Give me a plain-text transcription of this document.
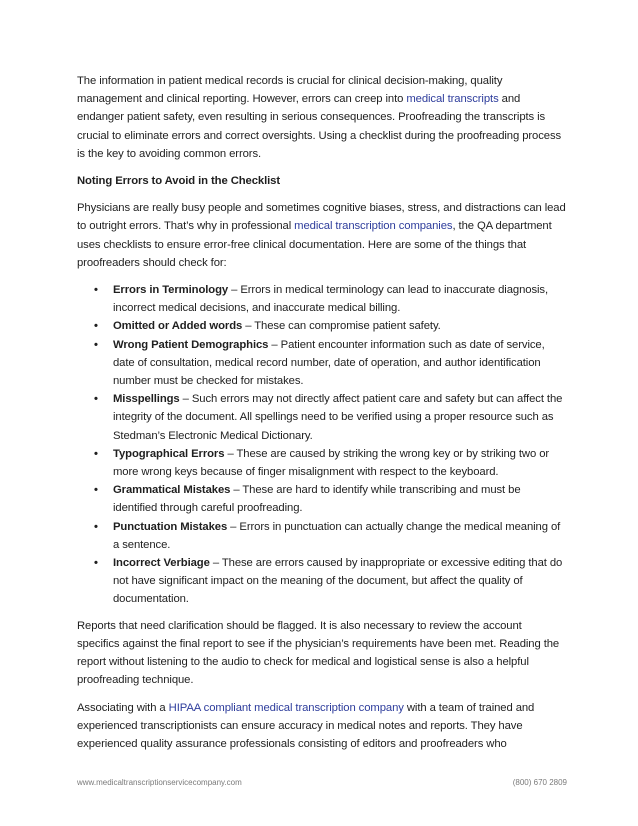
The information in patient medical records is crucial for clinical decision-making, quality management and clinical reporting. However, errors can creep into medical transcripts and endanger patient safety, even resulting in serious consequences. Proofreading the transcripts is crucial to eliminate errors and correct oversights. Using a checklist during the proofreading process is the key to avoiding common errors.

Noting Errors to Avoid in the Checklist

Physicians are really busy people and sometimes cognitive biases, stress, and distractions can lead to outright errors. That’s why in professional medical transcription companies, the QA department uses checklists to ensure error-free clinical documentation. Here are some of the things that proofreaders should check for:

• Errors in Terminology – Errors in medical terminology can lead to inaccurate diagnosis, incorrect medical decisions, and inaccurate medical billing.
• Omitted or Added words – These can compromise patient safety.
• Wrong Patient Demographics – Patient encounter information such as date of service, date of consultation, medical record number, date of operation, and author identification number must be checked for mistakes.
• Misspellings – Such errors may not directly affect patient care and safety but can affect the integrity of the document. All spellings need to be verified using a proper resource such as Stedman’s Electronic Medical Dictionary.
• Typographical Errors – These are caused by striking the wrong key or by striking two or more wrong keys because of finger misalignment with respect to the keyboard.
• Grammatical Mistakes – These are hard to identify while transcribing and must be identified through careful proofreading.
• Punctuation Mistakes – Errors in punctuation can actually change the medical meaning of a sentence.
• Incorrect Verbiage – These are errors caused by inappropriate or excessive editing that do not have significant impact on the meaning of the document, but affect the quality of documentation.

Reports that need clarification should be flagged. It is also necessary to review the account specifics against the final report to see if the physician’s requirements have been met. Reading the report without listening to the audio to check for medical and logistical sense is also a helpful proofreading technique.

Associating with a HIPAA compliant medical transcription company with a team of trained and experienced transcriptionists can ensure accuracy in medical notes and reports. They have experienced quality assurance professionals consisting of editors and proofreaders who

www.medicaltranscriptionservicecompany.com	(800) 670 2809
